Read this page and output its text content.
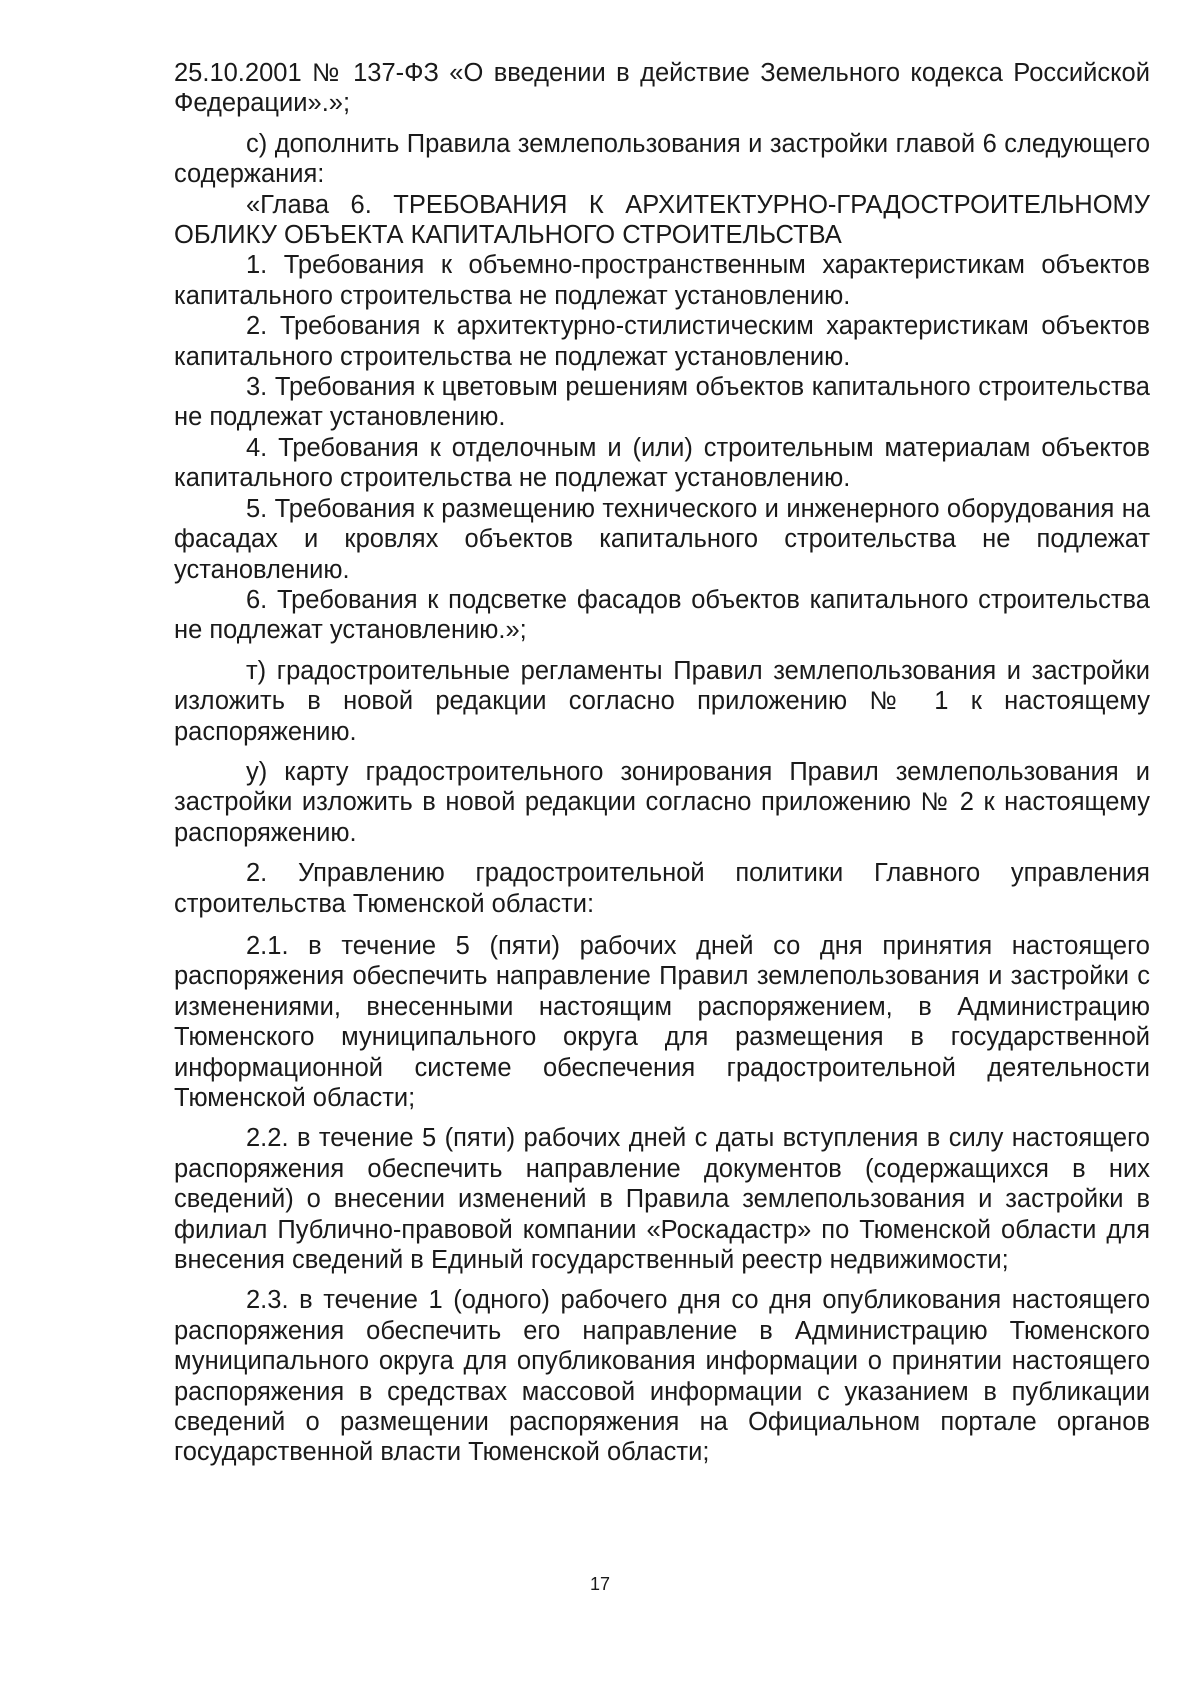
25.10.2001 № 137-ФЗ «О введении в действие Земельного кодекса Российской Федерации».»;

с) дополнить Правила землепользования и застройки главой 6 следующего содержания:

«Глава 6. ТРЕБОВАНИЯ К АРХИТЕКТУРНО-ГРАДОСТРОИТЕЛЬНОМУ ОБЛИКУ ОБЪЕКТА КАПИТАЛЬНОГО СТРОИТЕЛЬСТВА

1. Требования к объемно-пространственным характеристикам объектов капитального строительства не подлежат установлению.

2. Требования к архитектурно-стилистическим характеристикам объектов капитального строительства не подлежат установлению.

3. Требования к цветовым решениям объектов капитального строительства не подлежат установлению.

4. Требования к отделочным и (или) строительным материалам объектов капитального строительства не подлежат установлению.

5. Требования к размещению технического и инженерного оборудования на фасадах и кровлях объектов капитального строительства не подлежат установлению.

6. Требования к подсветке фасадов объектов капитального строительства не подлежат установлению.»;

т) градостроительные регламенты Правил землепользования и застройки изложить в новой редакции согласно приложению № 1 к настоящему распоряжению.

у) карту градостроительного зонирования Правил землепользования и застройки изложить в новой редакции согласно приложению № 2 к настоящему распоряжению.

2. Управлению градостроительной политики Главного управления строительства Тюменской области:

2.1. в течение 5 (пяти) рабочих дней со дня принятия настоящего распоряжения обеспечить направление Правил землепользования и застройки с изменениями, внесенными настоящим распоряжением, в Администрацию Тюменского муниципального округа для размещения в государственной информационной системе обеспечения градостроительной деятельности Тюменской области;

2.2. в течение 5 (пяти) рабочих дней с даты вступления в силу настоящего распоряжения обеспечить направление документов (содержащихся в них сведений) о внесении изменений в Правила землепользования и застройки в филиал Публично-правовой компании «Роскадастр» по Тюменской области для внесения сведений в Единый государственный реестр недвижимости;

2.3. в течение 1 (одного) рабочего дня со дня опубликования настоящего распоряжения обеспечить его направление в Администрацию Тюменского муниципального округа для опубликования информации о принятии настоящего распоряжения в средствах массовой информации с указанием в публикации сведений о размещении распоряжения на Официальном портале органов государственной власти Тюменской области;

17
